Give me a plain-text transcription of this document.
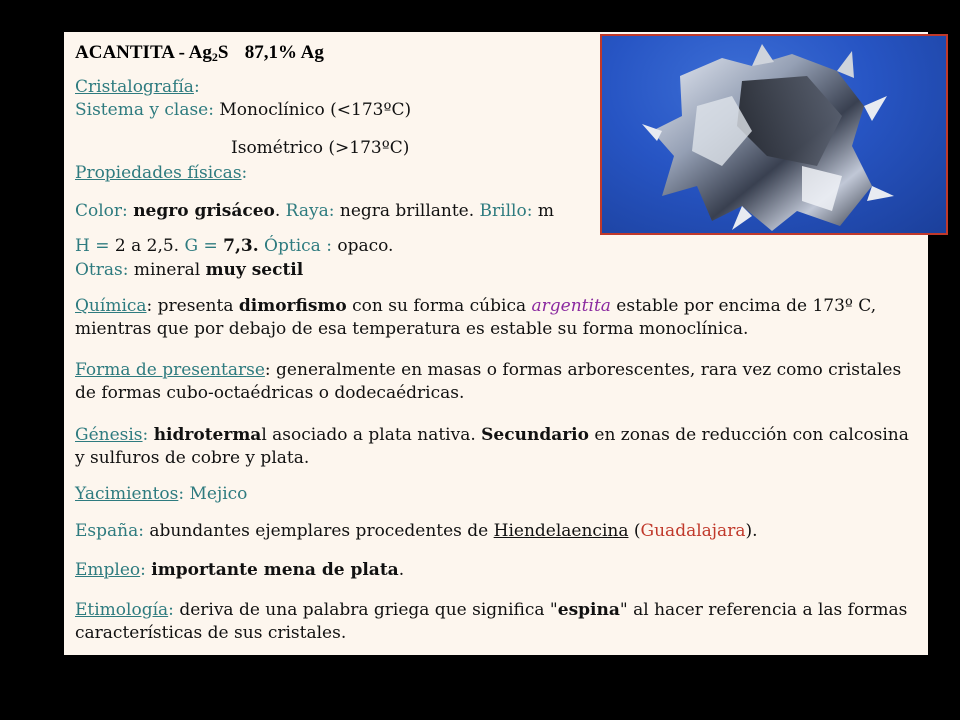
ACANTITA - $Ag_2S$ 87,1% Ag
Cristalografía:
Sistema y clase: Monoclínico (<173ºC)
Isométrico (>173ºC)
Propiedades físicas:
Color: negro grisáceo. Raya: negra brillante. Brillo: m
H = 2 a 2,5. G = 7,3. Óptica : opaco.
Otras: mineral muy sectil
Química: presenta dimorfismo con su forma cúbica argentita estable por encima de 173º C, mientras que por debajo de esa temperatura es estable su forma monoclínica.
Forma de presentarse: generalmente en masas o formas arborescentes, rara vez como cristales de formas cubo-octaédricas o dodecaédricas.
Génesis: hidrotermal asociado a plata nativa. Secundario en zonas de reducción con calcosina y sulfuros de cobre y plata.
Yacimientos: Mejico
España: abundantes ejemplares procedentes de Hiendelaencina (Guadalajara).
Empleo: importante mena de plata.
Etimología: deriva de una palabra griega que significa "espina" al hacer referencia a las formas características de sus cristales.
